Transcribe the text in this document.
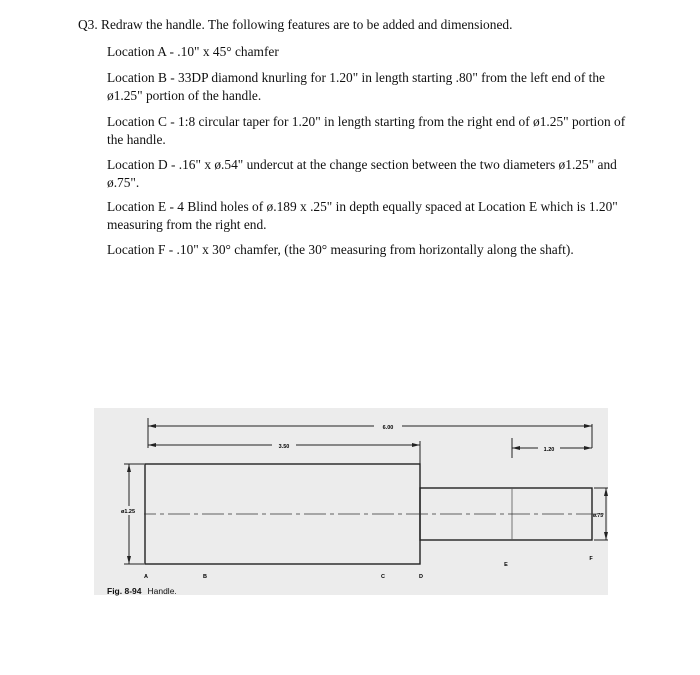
Q3. Redraw the handle. The following features are to be added and dimensioned.
Location A - .10" x 45° chamfer
Location B - 33DP diamond knurling for 1.20" in length starting .80" from the left end of the ø1.25" portion of the handle.
Location C - 1:8 circular taper for 1.20" in length starting from the right end of ø1.25" portion of the handle.
Location D - .16" x ø.54" undercut at the change section between the two diameters ø1.25" and ø.75".
Location E - 4 Blind holes of ø.189 x .25" in depth equally spaced at Location E which is 1.20" measuring from the right end.
Location F - .10" x 30° chamfer, (the 30° measuring from horizontally along the shaft).
6.00
3.50	1.20
ø1.25
ø.75
A	B	C	D
E
F
Fig. 8-94 Handle.
